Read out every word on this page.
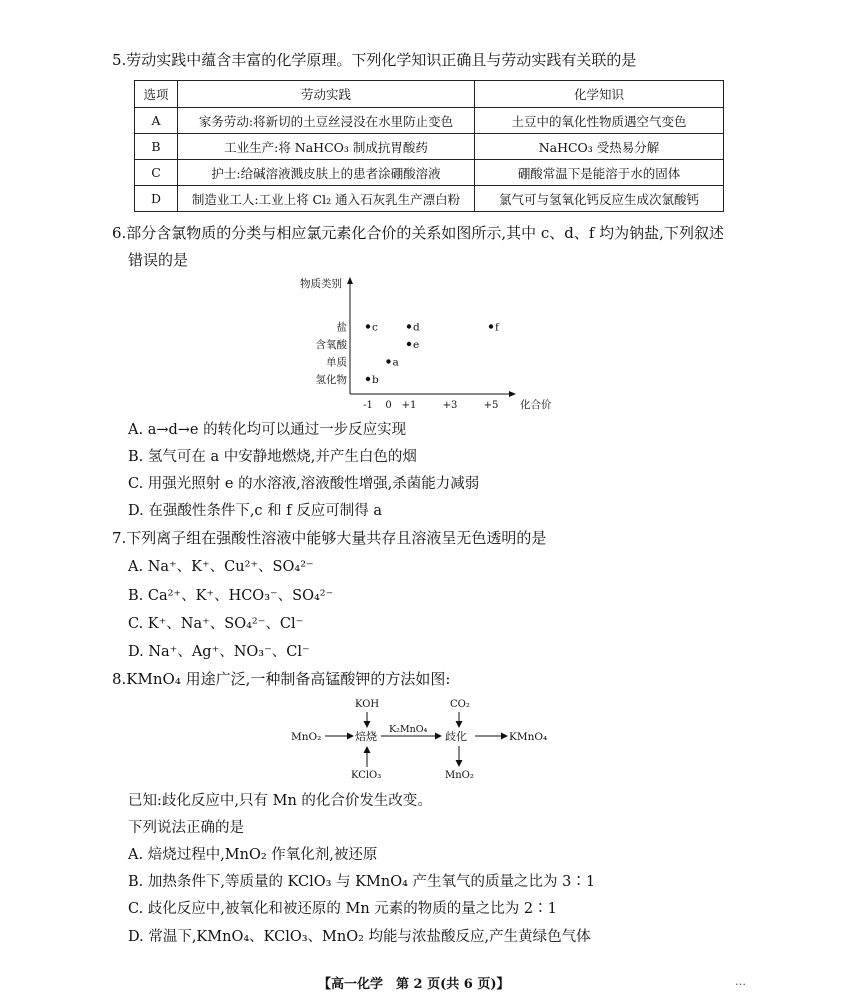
5.劳动实践中蕴含丰富的化学原理。下列化学知识正确且与劳动实践有关联的是
选项	劳动实践	化学知识
A	家务劳动:将新切的土豆丝浸没在水里防止变色	土豆中的氧化性物质遇空气变色
B	工业生产:将 NaHCO₃ 制成抗胃酸药	NaHCO₃ 受热易分解
C	护士:给碱溶液溅皮肤上的患者涂硼酸溶液	硼酸常温下是能溶于水的固体
D	制造业工人:工业上将 Cl₂ 通入石灰乳生产漂白粉	氯气可与氢氧化钙反应生成次氯酸钙
6.部分含氯物质的分类与相应氯元素化合价的关系如图所示,其中 c、d、f 均为钠盐,下列叙述
错误的是
物质类别
化合价
氢化物
单质
含氧酸
盐
-1 0 +1	+3	+5
a
b
c	d
e
f
A. a→d→e 的转化均可以通过一步反应实现
B. 氢气可在 a 中安静地燃烧,并产生白色的烟
C. 用强光照射 e 的水溶液,溶液酸性增强,杀菌能力减弱
D. 在强酸性条件下,c 和 f 反应可制得 a
7.下列离子组在强酸性溶液中能够大量共存且溶液呈无色透明的是
A. Na⁺、K⁺、Cu²⁺、SO₄²⁻
B. Ca²⁺、K⁺、HCO₃⁻、SO₄²⁻
C. K⁺、Na⁺、SO₄²⁻、Cl⁻
D. Na⁺、Ag⁺、NO₃⁻、Cl⁻
8.KMnO₄ 用途广泛,一种制备高锰酸钾的方法如图:
MnO₂	焙烧
KOH
KClO₃
K₂MnO₄
歧化
CO₂
MnO₂
KMnO₄
已知:歧化反应中,只有 Mn 的化合价发生改变。
下列说法正确的是
A. 焙烧过程中,MnO₂ 作氧化剂,被还原
B. 加热条件下,等质量的 KClO₃ 与 KMnO₄ 产生氧气的质量之比为 3∶1
C. 歧化反应中,被氧化和被还原的 Mn 元素的物质的量之比为 2∶1
D. 常温下,KMnO₄、KClO₃、MnO₂ 均能与浓盐酸反应,产生黄绿色气体
【高一化学　第 2 页(共 6 页)】	…
